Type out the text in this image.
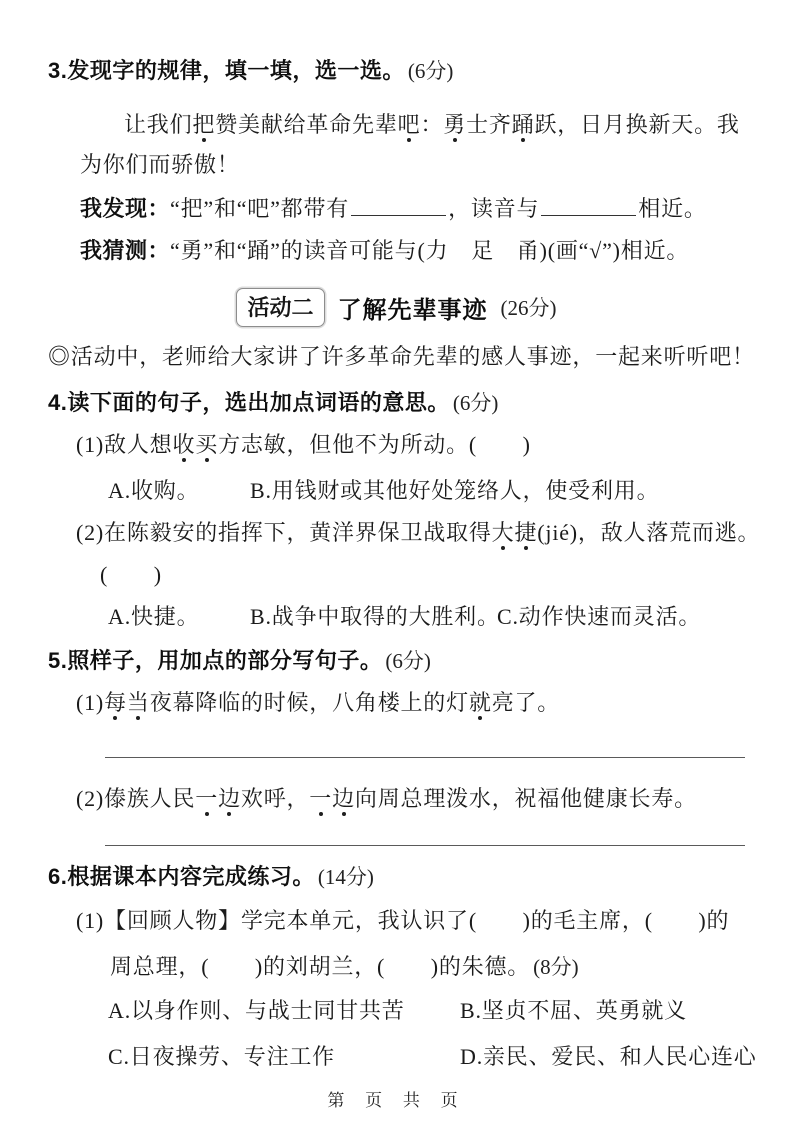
3.发现字的规律，填一填，选一选。 (6分)
让我们把赞美献给革命先辈吧：勇士齐踊跃，日月换新天。我
为你们而骄傲！
我发现：“把”和“吧”都带有	，读音与	相近。
我猜测：“勇”和“踊”的读音可能与(力　足　甬)(画“√”)相近。
活动二	了解先辈事迹 (26分)
◎活动中，老师给大家讲了许多革命先辈的感人事迹，一起来听听吧！
4.读下面的句子，选出加点词语的意思。 (6分)
(1)敌人想收买方志敏，但他不为所动。(　　)
A.收购。 B.用钱财或其他好处笼络人，使受利用。
(2)在陈毅安的指挥下，黄洋界保卫战取得大捷(jié)，敌人落荒而逃。
(　　)
A.快捷。 B.战争中取得的大胜利。
C.动作快速而灵活。
5.照样子，用加点的部分写句子。 (6分)
(1)每当夜幕降临的时候，八角楼上的灯就亮了。
(2)傣族人民一边欢呼，一边向周总理泼水，祝福他健康长寿。
6.根据课本内容完成练习。 (14分)
(1)【回顾人物】学完本单元，我认识了(　　)的毛主席，(　　)的
周总理，(　　)的刘胡兰，(　　)的朱德。 (8分)
A.以身作则、与战士同甘共苦	B.坚贞不屈、英勇就义
C.日夜操劳、专注工作	D.亲民、爱民、和人民心连心
第 页 共 页
